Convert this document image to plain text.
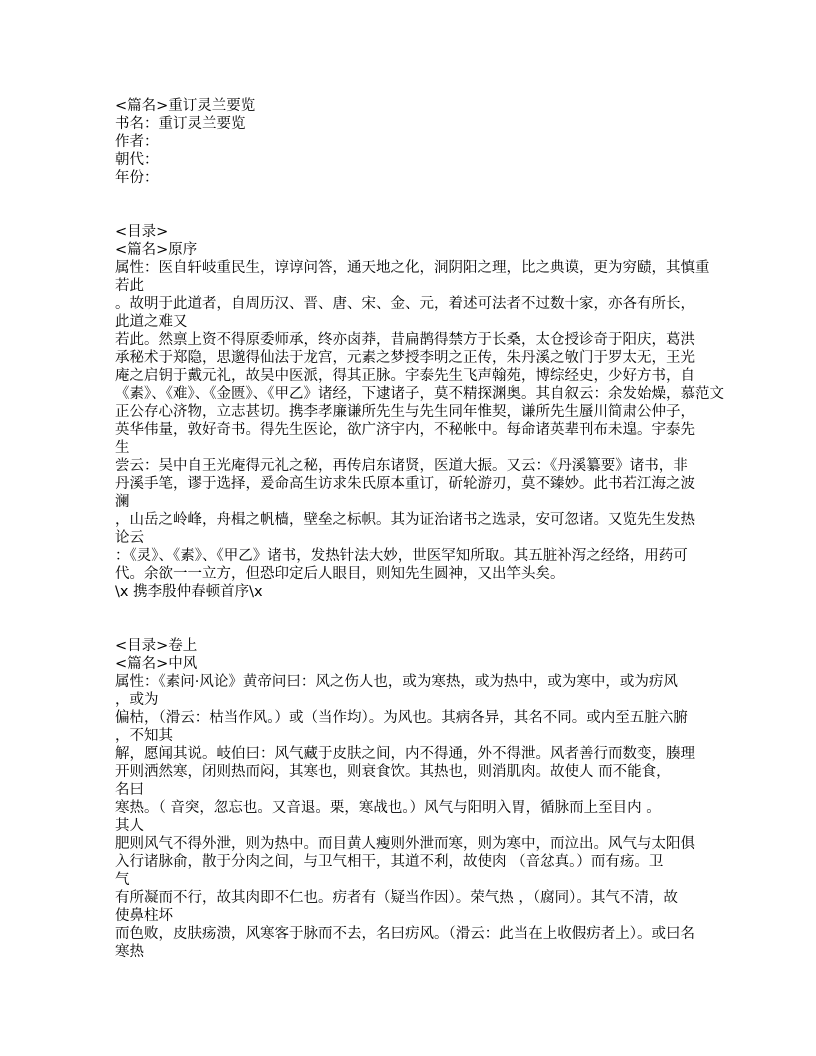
<篇名>重订灵兰要览
书名：重订灵兰要览
作者：
朝代：
年份：

<目录>
<篇名>原序
属性：医自轩岐重民生，谆谆问答，通天地之化，洞阴阳之理，比之典谟，更为穷赜，其慎重
若此
。故明于此道者，自周历汉、晋、唐、宋、金、元，着述可法者不过数十家，亦各有所长，
此道之难又
若此。然禀上资不得原委师承，终亦卤莽，昔扁鹊得禁方于长桑，太仓授诊奇于阳庆，葛洪
承秘术于郑隐，思邈得仙法于龙宫，元素之梦授李明之正传，朱丹溪之敂门于罗太无，王光
庵之启钥于戴元礼，故吴中医派，得其正脉。宇泰先生飞声翰苑，博综经史，少好方书，自
《素》、《难》、《金匮》、《甲乙》诸经，下逮诸子，莫不精探渊奥。其自叙云：余发始燥，慕范文
正公存心济物，立志甚切。携李孝廉谦所先生与先生同年惟契，谦所先生蜃川简肃公仲子，
英华伟量，敦好奇书。得先生医论，欲广济宇内，不秘帐中。每命诸英辈刊布未遑。宇泰先
生
尝云：吴中自王光庵得元礼之秘，再传启东诸贤，医道大振。又云：《丹溪纂要》诸书，非
丹溪手笔，谬于选择，爰命高生访求朱氏原本重订，斫轮游刃，莫不臻妙。此书若江海之波
澜
，山岳之岭峰，舟楫之帆樯，壁垒之标帜。其为证治诸书之选录，安可忽诸。又览先生发热
论云
：《灵》、《素》、《甲乙》诸书，发热针法大妙，世医罕知所取。其五脏补泻之经络，用药可
代。余欲一一立方，但恐印定后人眼目，则知先生圆神，又出竿头矣。
\x 携李殷仲春顿首序\x

<目录>卷上
<篇名>中风
属性：《素问·风论》黄帝问曰：风之伤人也，或为寒热，或为热中，或为寒中，或为疠风
，或为
偏枯，（滑云：枯当作风。）或（当作均）。为风也。其病各异，其名不同。或内至五脏六腑
，不知其
解，愿闻其说。岐伯曰：风气藏于皮肤之间，内不得通，外不得泄。风者善行而数变，腠理
开则洒然寒，闭则热而闷，其寒也，则衰食饮。其热也，则消肌肉。故使人 而不能食，
名曰
寒热。（ 音突，忽忘也。又音退。栗，寒战也。）风气与阳明入胃，循脉而上至目内 。
其人
肥则风气不得外泄，则为热中。而目黄人瘦则外泄而寒，则为寒中，而泣出。风气与太阳俱
入行诸脉俞，散于分肉之间，与卫气相干，其道不利，故使肉 （音忿真。）而有疡。卫
气
有所凝而不行，故其肉即不仁也。疠者有（疑当作因）。荣气热 ，（腐同）。其气不清，故
使鼻柱坏
而色败，皮肤疡溃，风寒客于脉而不去，名曰疠风。（滑云：此当在上收假疠者上）。或曰名
寒热
